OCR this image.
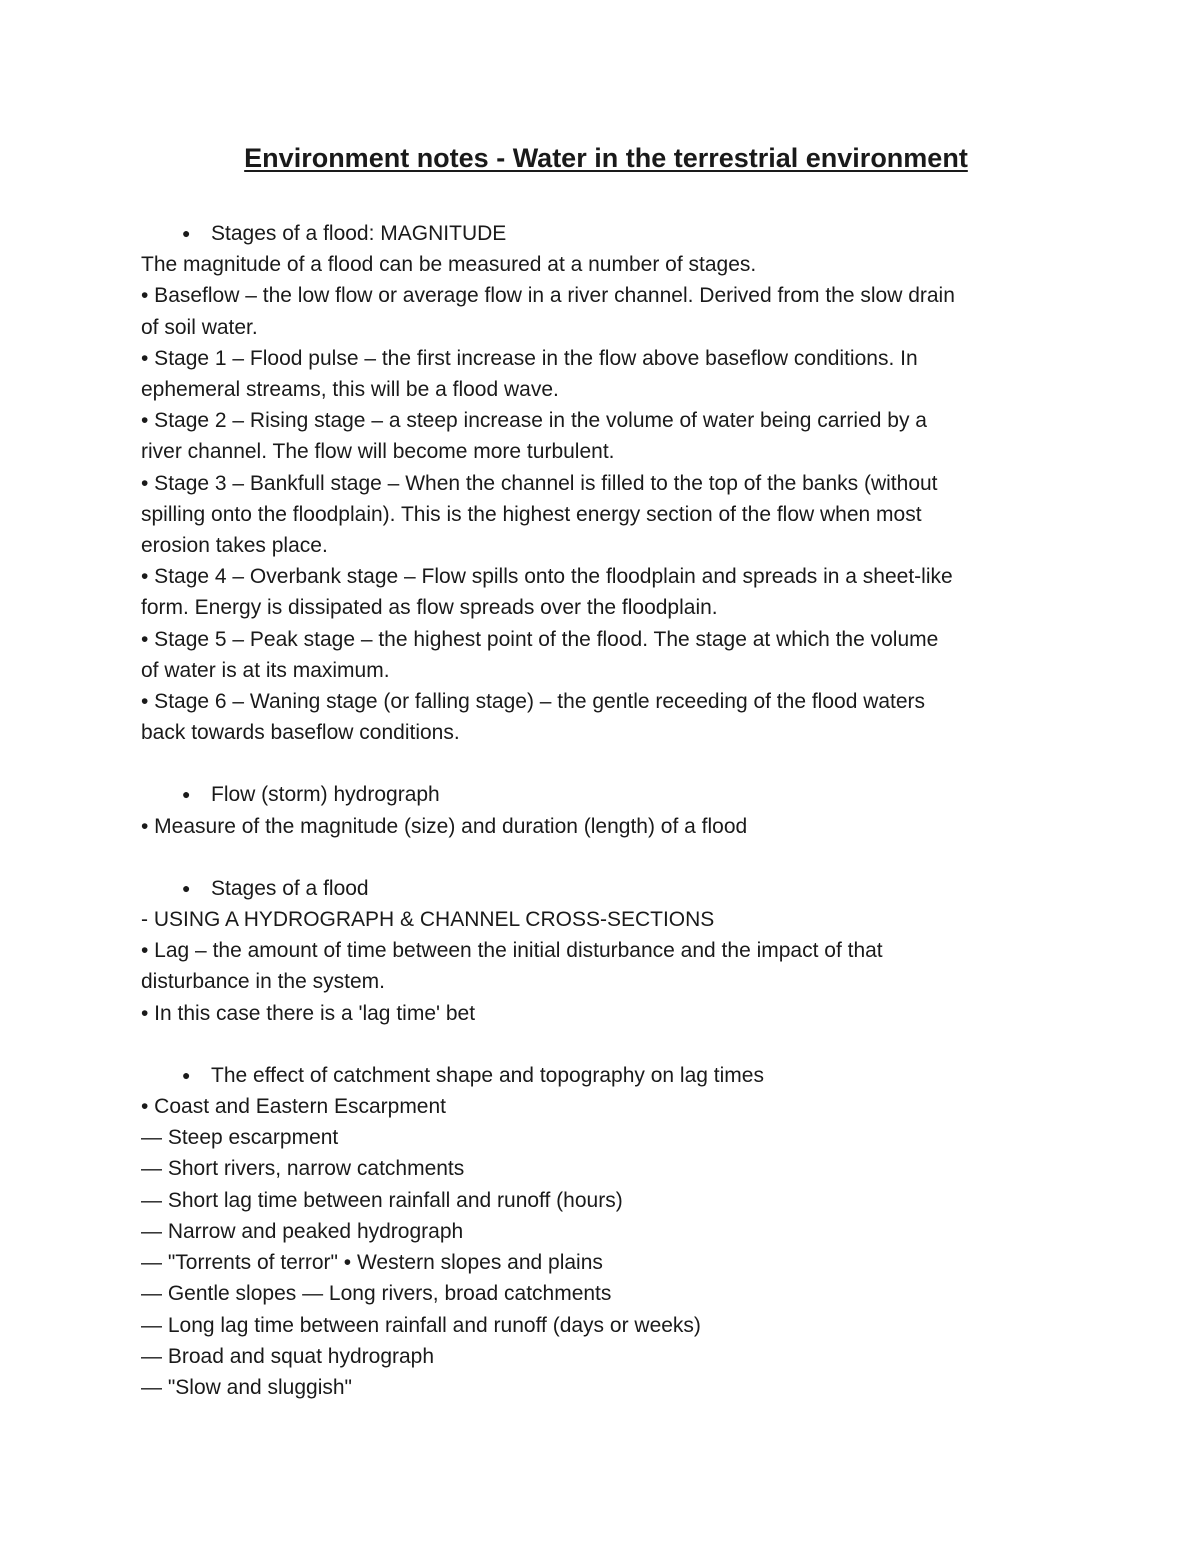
Environment notes - Water in the terrestrial environment
● Stages of a flood: MAGNITUDE
The magnitude of a flood can be measured at a number of stages.
• Baseflow – the low flow or average flow in a river channel. Derived from the slow drain
of soil water.
• Stage 1 – Flood pulse – the first increase in the flow above baseflow conditions. In
ephemeral streams, this will be a flood wave.
• Stage 2 – Rising stage – a steep increase in the volume of water being carried by a
river channel. The flow will become more turbulent.
• Stage 3 – Bankfull stage – When the channel is filled to the top of the banks (without
spilling onto the floodplain). This is the highest energy section of the flow when most
erosion takes place.
• Stage 4 – Overbank stage – Flow spills onto the floodplain and spreads in a sheet-like
form. Energy is dissipated as flow spreads over the floodplain.
• Stage 5 – Peak stage – the highest point of the flood. The stage at which the volume
of water is at its maximum.
• Stage 6 – Waning stage (or falling stage) – the gentle receeding of the flood waters
back towards baseflow conditions.
● Flow (storm) hydrograph
• Measure of the magnitude (size) and duration (length) of a flood
● Stages of a flood
- USING A HYDROGRAPH & CHANNEL CROSS-SECTIONS
• Lag – the amount of time between the initial disturbance and the impact of that
disturbance in the system.
• In this case there is a 'lag time' bet
● The effect of catchment shape and topography on lag times
• Coast and Eastern Escarpment
— Steep escarpment
— Short rivers, narrow catchments
— Short lag time between rainfall and runoff (hours)
— Narrow and peaked hydrograph
— "Torrents of terror" • Western slopes and plains
— Gentle slopes — Long rivers, broad catchments
— Long lag time between rainfall and runoff (days or weeks)
— Broad and squat hydrograph
— "Slow and sluggish"
